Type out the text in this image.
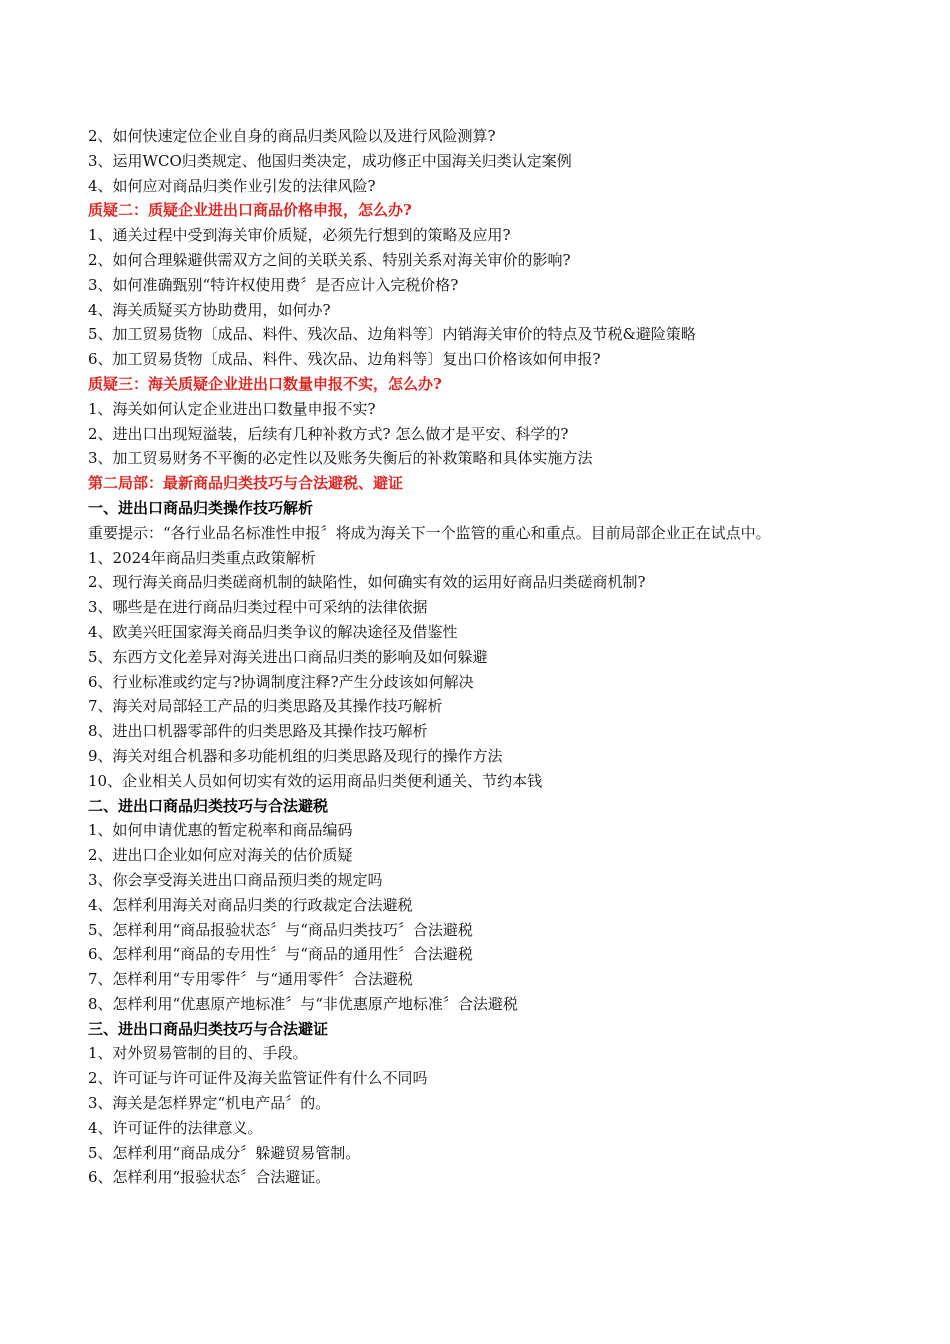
2、如何快速定位企业自身的商品归类风险以及进行风险测算?
3、运用WCO归类规定、他国归类决定，成功修正中国海关归类认定案例
4、如何应对商品归类作业引发的法律风险?
质疑二：质疑企业进出口商品价格申报，怎么办?
1、通关过程中受到海关审价质疑，必须先行想到的策略及应用?
2、如何合理躲避供需双方之间的关联关系、特别关系对海关审价的影响?
3、如何准确甄别“特许权使用费〞是否应计入完税价格?
4、海关质疑买方协助费用，如何办?
5、加工贸易货物〔成品、料件、残次品、边角料等〕内销海关审价的特点及节税&避险策略
6、加工贸易货物〔成品、料件、残次品、边角料等〕复出口价格该如何申报?
质疑三：海关质疑企业进出口数量申报不实，怎么办?
1、海关如何认定企业进出口数量申报不实?
2、进出口出现短溢装，后续有几种补救方式? 怎么做才是平安、科学的?
3、加工贸易财务不平衡的必定性以及账务失衡后的补救策略和具体实施方法
第二局部：最新商品归类技巧与合法避税、避证
一、进出口商品归类操作技巧解析
重要提示：“各行业品名标准性申报〞将成为海关下一个监管的重心和重点。目前局部企业正在试点中。
1、2024年商品归类重点政策解析
2、现行海关商品归类磋商机制的缺陷性，如何确实有效的运用好商品归类磋商机制?
3、哪些是在进行商品归类过程中可采纳的法律依据
4、欧美兴旺国家海关商品归类争议的解决途径及借鉴性
5、东西方文化差异对海关进出口商品归类的影响及如何躲避
6、行业标准或约定与?协调制度注释?产生分歧该如何解决
7、海关对局部轻工产品的归类思路及其操作技巧解析
8、进出口机器零部件的归类思路及其操作技巧解析
9、海关对组合机器和多功能机组的归类思路及现行的操作方法
10、企业相关人员如何切实有效的运用商品归类便利通关、节约本钱
二、进出口商品归类技巧与合法避税
1、如何申请优惠的暂定税率和商品编码
2、进出口企业如何应对海关的估价质疑
3、你会享受海关进出口商品预归类的规定吗
4、怎样利用海关对商品归类的行政裁定合法避税
5、怎样利用“商品报验状态〞与“商品归类技巧〞合法避税
6、怎样利用“商品的专用性〞与“商品的通用性〞合法避税
7、怎样利用“专用零件〞与“通用零件〞合法避税
8、怎样利用“优惠原产地标准〞与“非优惠原产地标准〞合法避税
三、进出口商品归类技巧与合法避证
1、对外贸易管制的目的、手段。
2、许可证与许可证件及海关监管证件有什么不同吗
3、海关是怎样界定“机电产品〞的。
4、许可证件的法律意义。
5、怎样利用“商品成分〞躲避贸易管制。
6、怎样利用“报验状态〞合法避证。
